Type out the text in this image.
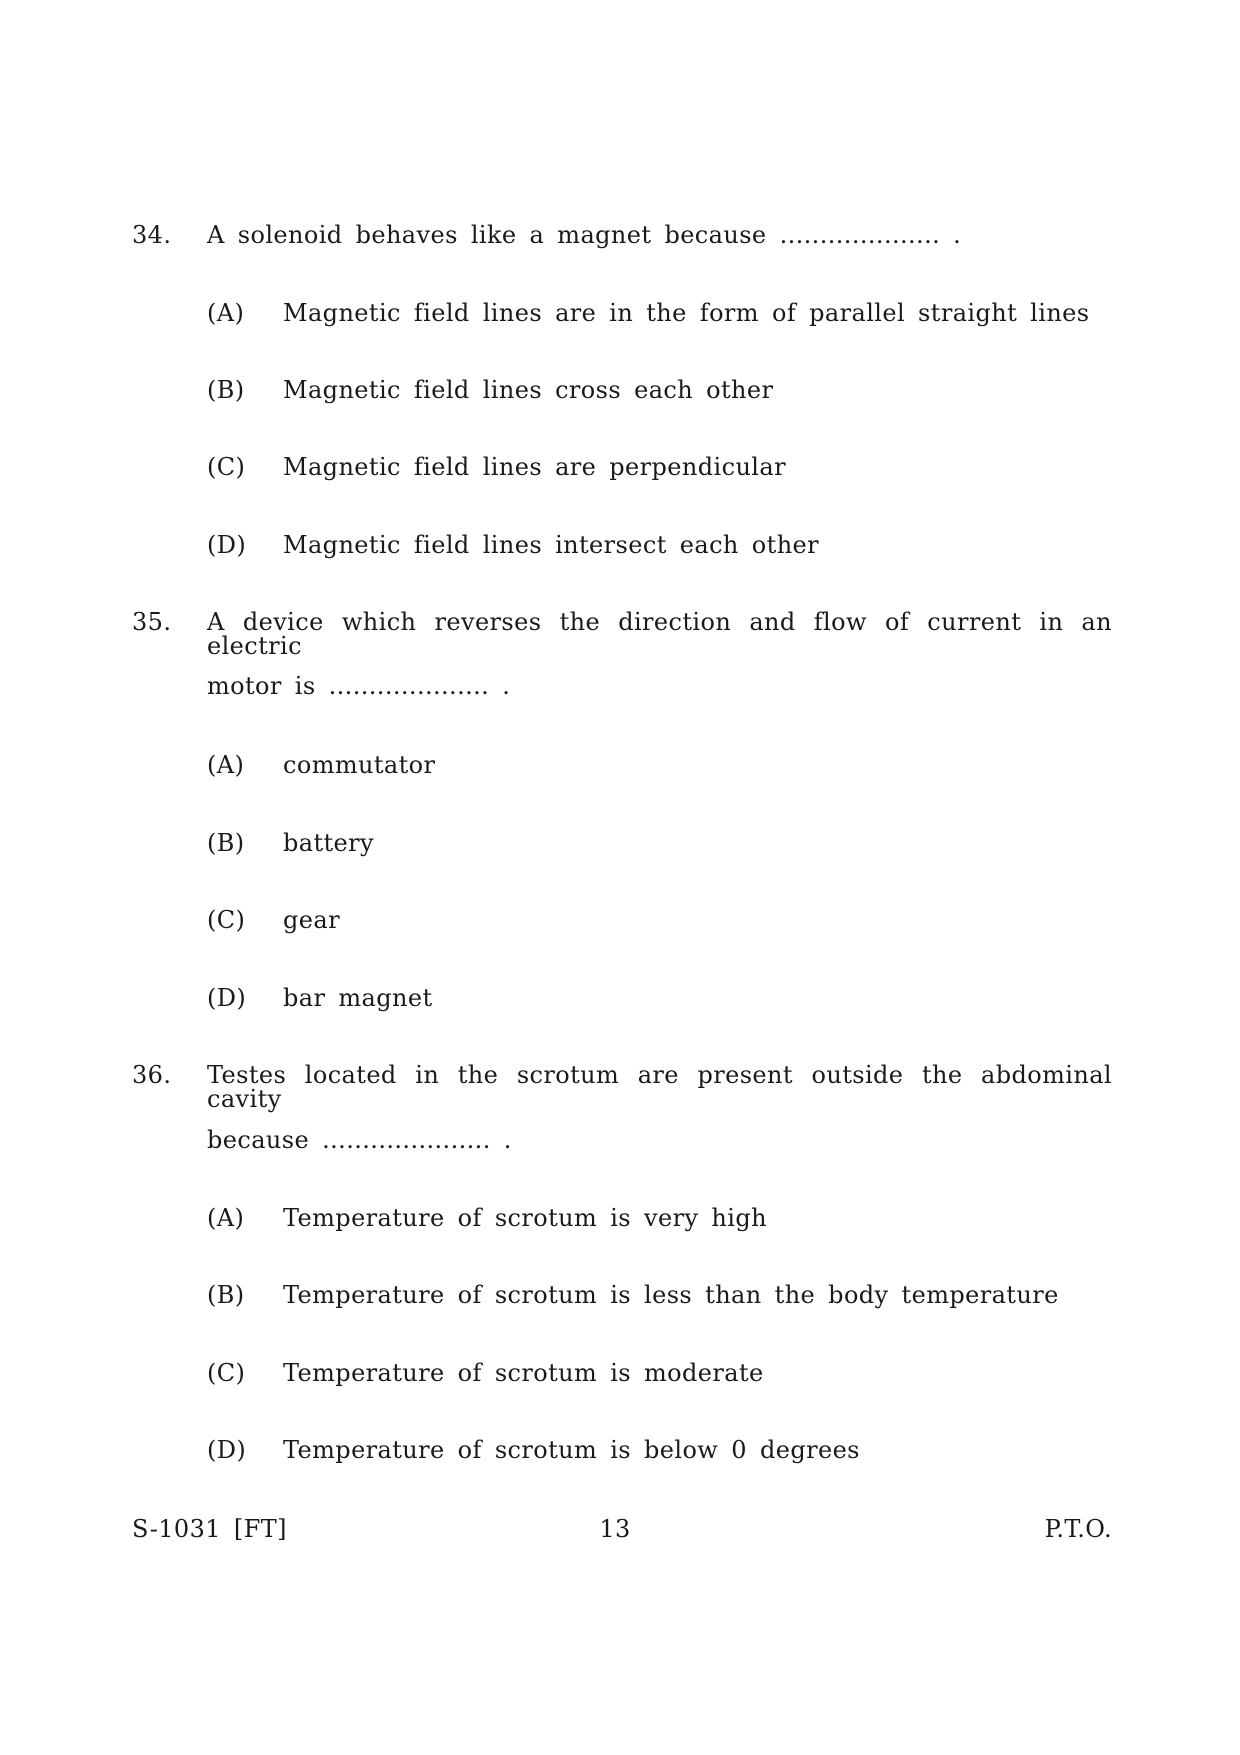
34. A solenoid behaves like a magnet because .................... .
(A) Magnetic field lines are in the form of parallel straight lines
(B) Magnetic field lines cross each other
(C) Magnetic field lines are perpendicular
(D) Magnetic field lines intersect each other
35. A device which reverses the direction and flow of current in an electric
motor is .................... .
(A) commutator
(B) battery
(C) gear
(D) bar magnet
36. Testes located in the scrotum are present outside the abdominal cavity
because ..................... .
(A) Temperature of scrotum is very high
(B) Temperature of scrotum is less than the body temperature
(C) Temperature of scrotum is moderate
(D) Temperature of scrotum is below 0 degrees
S-1031 [FT]	13	P.T.O.
